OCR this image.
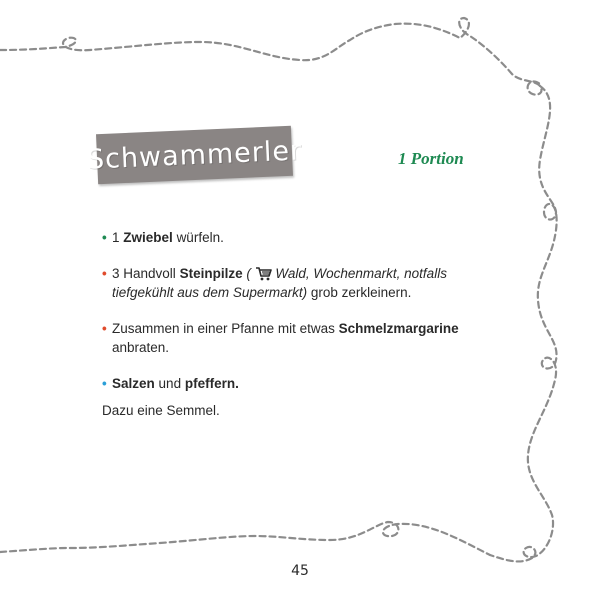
Schwammerler	1 Portion
• 1 Zwiebel würfeln.
• 3 Handvoll Steinpilze ( Wald, Wochenmarkt, notfalls tiefgekühlt aus dem Supermarkt) grob zerkleinern.
• Zusammen in einer Pfanne mit etwas Schmelzmargarine anbraten.
• Salzen und pfeffern.
Dazu eine Semmel.
45
